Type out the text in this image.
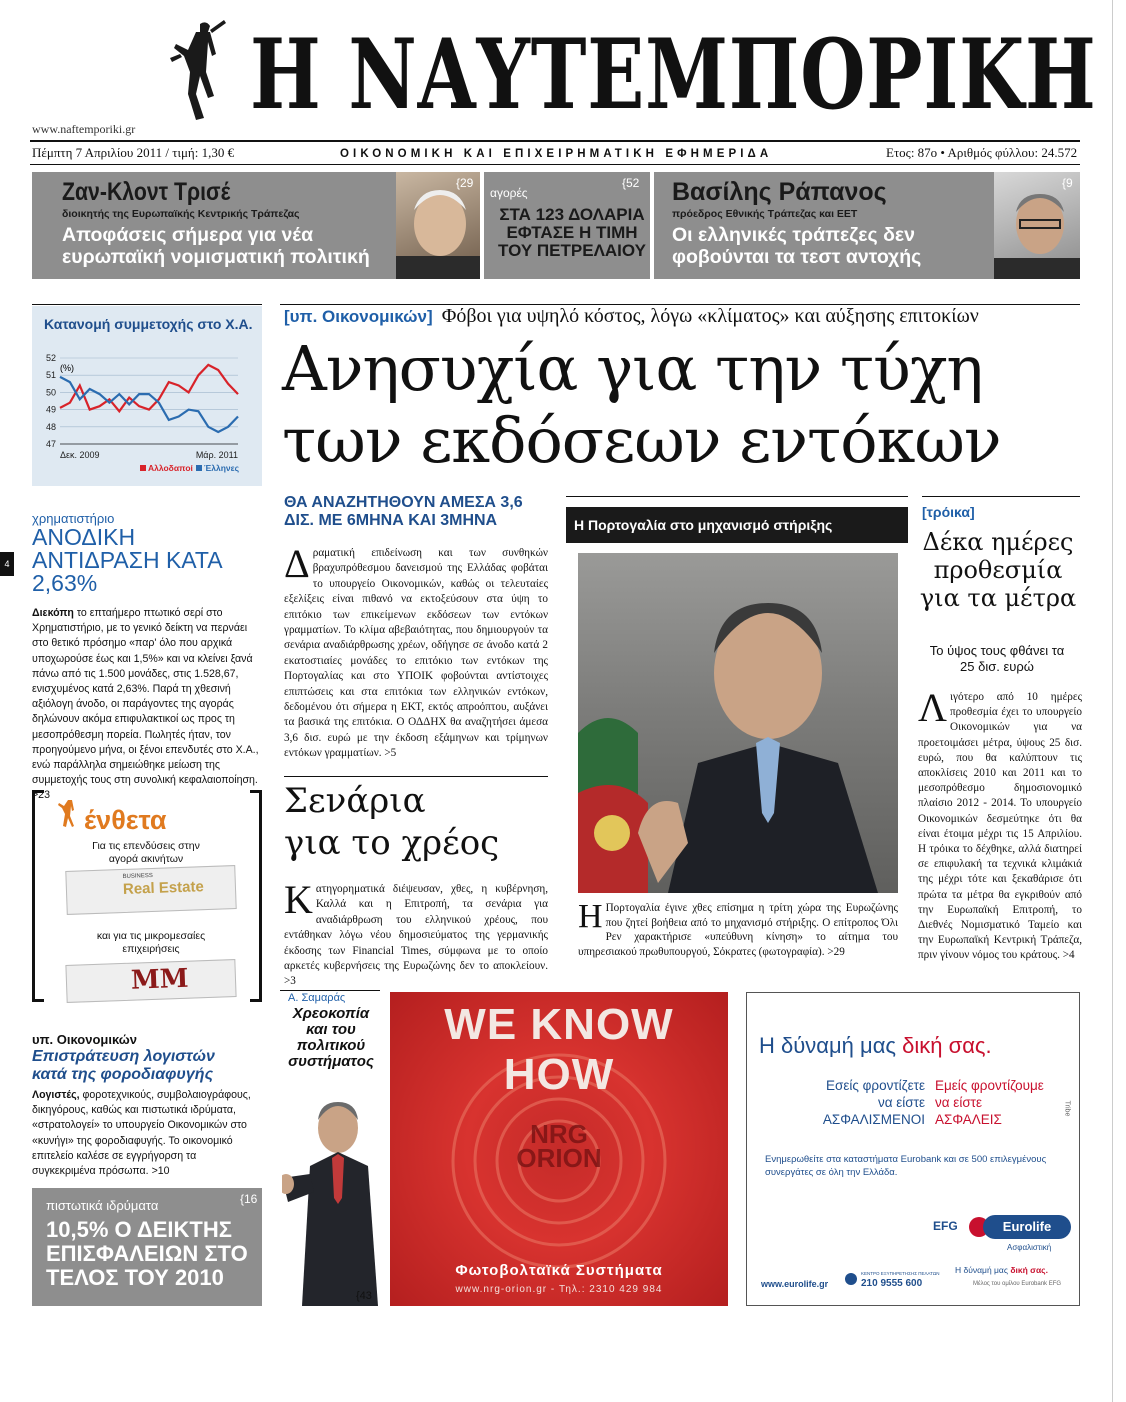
Η ΝΑΥΤΕΜΠΟΡΙΚΗ
www.naftemporiki.gr
Πέμπτη 7 Απριλίου 2011 / τιμή: 1,30 €	ΟΙΚΟΝΟΜΙΚΗ ΚΑΙ ΕΠΙΧΕΙΡΗΜΑΤΙΚΗ ΕΦΗΜΕΡΙΔΑ	Ετος: 87ο • Αριθμός φύλλου: 24.572
Ζαν-Κλοντ Τρισέ
διοικητής της Ευρωπαϊκής Κεντρικής Τράπεζας
Αποφάσεις σήμερα για νέα ευρωπαϊκή νομισματική πολιτική
{29
αγορές
ΣΤΑ 123 ΔΟΛΑΡΙΑ ΕΦΤΑΣΕ Η ΤΙΜΗ ΤΟΥ ΠΕΤΡΕΛΑΙΟΥ
{52 Βασίλης Ράπανος
πρόεδρος Εθνικής Τράπεζας και ΕΕΤ
Οι ελληνικές τράπεζες δεν φοβούνται τα τεστ αντοχής
{9
Κατανομή συμμετοχής στο Χ.Α.
(%)
52
51
50
49
48
47
Δεκ. 2009	Μάρ. 2011
Αλλοδαποί Έλληνες
χρηματιστήριο
ΑΝΟΔΙΚΗ ΑΝΤΙΔΡΑΣΗ ΚΑΤΑ 2,63%
4
Διεκόπη το επταήμερο πτωτικό σερί στο Χρηματιστήριο, με το γενικό δείκτη να περνάει στο θετικό πρόσημο «παρ' όλο που αρχικά υποχωρούσε έως και 1,5%» και να κλείνει ξανά πάνω από τις 1.500 μονάδες, στις 1.528,67, ενισχυμένος κατά 2,63%. Παρά τη χθεσινή αξιόλογη άνοδο, οι παράγοντες της αγοράς δηλώνουν ακόμα επιφυλακτικοί ως προς τη μεσοπρόθεσμη πορεία. Πωλητές ήταν, τον προηγούμενο μήνα, οι ξένοι επενδυτές στο Χ.Α., ενώ παράλληλα σημειώθηκε μείωση της συμμετοχής τους στη συνολική κεφαλαιοποίηση. >23
ένθετα
Για τις επενδύσεις στην αγορά ακινήτων
BUSINESS
Real Estate
και για τις μικρομεσαίες επιχειρήσεις
MM
υπ. Οικονομικών
Επιστράτευση λογιστών κατά της φοροδιαφυγής
Λογιστές, φοροτεχνικούς, συμβολαιογράφους, δικηγόρους, καθώς και πιστωτικά ιδρύματα, «στρατολογεί» το υπουργείο Οικονομικών στο «κυνήγι» της φοροδιαφυγής. Το οικονομικό επιτελείο καλέσε σε εγγρήγορση τα συγκεκριμένα πρόσωπα. >10
πιστωτικά ιδρύματα
10,5% Ο ΔΕΙΚΤΗΣ ΕΠΙΣΦΑΛΕΙΩΝ ΣΤΟ ΤΕΛΟΣ ΤΟΥ 2010
{16
[υπ. Οικονομικών] Φόβοι για υψηλό κόστος, λόγω «κλίματος» και αύξησης επιτοκίων
Ανησυχία για την τύχη
των εκδόσεων εντόκων
ΘΑ ΑΝΑΖΗΤΗΘΟΥΝ ΑΜΕΣΑ 3,6 ΔΙΣ. ΜΕ 6ΜΗΝΑ ΚΑΙ 3ΜΗΝΑ
Δραματική επιδείνωση και των συνθηκών βραχυπρόθεσμου δανεισμού της Ελλάδας φοβάται το υπουργείο Οικονομικών, καθώς οι τελευταίες εξελίξεις είναι πιθανό να εκτοξεύσουν στα ύψη το επιτόκιο των επικείμενων εκδόσεων των εντόκων γραμματίων. Το κλίμα αβεβαιότητας, που δημιουργούν τα σενάρια αναδιάρθρωσης χρέων, οδήγησε σε άνοδο κατά 2 εκατοστιαίες μονάδες το επιτόκιο των εντόκων της Πορτογαλίας και στο ΥΠΟΙΚ φοβούνται αντίστοιχες επιπτώσεις και στα επιτόκια των ελληνικών εντόκων, δεδομένου ότι σήμερα η ΕΚΤ, εκτός απροόπτου, αυξάνει τα βασικά της επιτόκια. Ο ΟΔΔΗΧ θα αναζητήσει άμεσα 3,6 δισ. ευρώ με την έκδοση εξάμηνων και τρίμηνων εντόκων γραμματίων. >5
Σενάρια
για το χρέος
Κατηγορηματικά διέψευσαν, χθες, η κυβέρνηση, Καλλά και η Επιτροπή, τα σενάρια για αναδιάρθρωση του ελληνικού χρέους, που εντάθηκαν λόγω νέου δημοσιεύματος της γερμανικής έκδοσης των Financial Times, σύμφωνα με το οποίο αρκετές κυβερνήσεις της Ευρωζώνης δεν το αποκλείουν. >3
Η Πορτογαλία στο μηχανισμό στήριξης
Η Πορτογαλία έγινε χθες επίσημα η τρίτη χώρα της Ευρωζώνης που ζητεί βοήθεια από το μηχανισμό στήριξης. Ο επίτροπος Όλι Ρεν χαρακτήρισε «υπεύθυνη κίνηση» το αίτημα του υπηρεσιακού πρωθυπουργού, Σόκρατες (φωτογραφία). >29
[τρόικα]
Δέκα ημέρες προθεσμία για τα μέτρα
Το ύψος τους φθάνει τα 25 δισ. ευρώ
Λιγότερο από 10 ημέρες προθεσμία έχει το υπουργείο Οικονομικών για να προετοιμάσει μέτρα, ύψους 25 δισ. ευρώ, που θα καλύπτουν τις αποκλίσεις 2010 και 2011 και το μεσοπρόθεσμο δημοσιονομικό πλαίσιο 2012 - 2014. Το υπουργείο Οικονομικών δεσμεύτηκε ότι θα είναι έτοιμα μέχρι τις 15 Απριλίου. Η τρόικα το δέχθηκε, αλλά διατηρεί σε επιφυλακή τα τεχνικά κλιμάκιά της μέχρι τότε και ξεκαθάρισε ότι πρώτα τα μέτρα θα εγκριθούν από την Ευρωπαϊκή Επιτροπή, το Διεθνές Νομισματικό Ταμείο και την Ευρωπαϊκή Κεντρική Τράπεζα, πριν γίνουν νόμος του κράτους. >4
Α. Σαμαράς
Χρεοκοπία και του πολιτικού συστήματος
{43
WE KNOW HOW
NRG
ORION
Φωτοβολταϊκά Συστήματα
www.nrg-orion.gr - Τηλ.: 2310 429 984
Η δύναμή μας δική σας.
Εσείς φροντίζετε
να είστε
ΑΣΦΑΛΙΣΜΕΝΟΙ
Εμείς φροντίζουμε
να είστε
ΑΣΦΑΛΕΙΣ
Tribe
Ενημερωθείτε στα καταστήματα Eurobank και σε 500 επιλεγμένους συνεργάτες σε όλη την Ελλάδα.
EFG	Eurolife
Ασφαλιστική
www.eurolife.gr
ΚΕΝΤΡΟ ΕΞΥΠΗΡΕΤΗΣΗΣ ΠΕΛΑΤΩΝ
210 9555 600
Η δύναμή μας δική σας.
Μέλος του ομίλου Eurobank EFG
